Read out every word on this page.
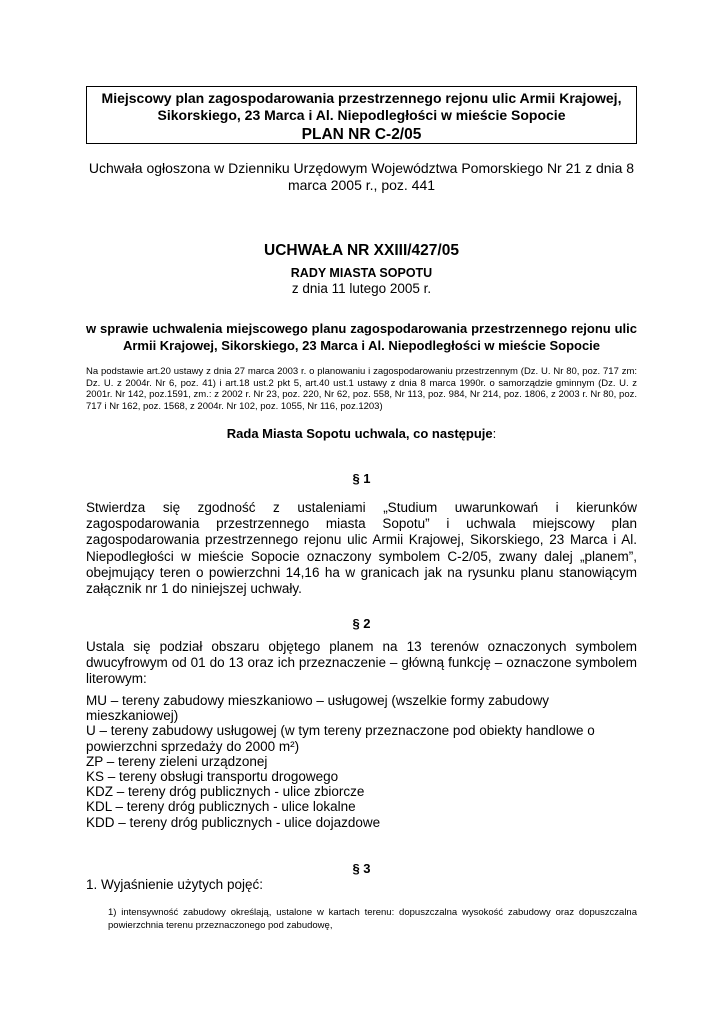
Miejscowy plan zagospodarowania przestrzennego rejonu ulic Armii Krajowej, Sikorskiego, 23 Marca i Al. Niepodległości w mieście Sopocie
PLAN NR C-2/05
Uchwała ogłoszona w Dzienniku Urzędowym Województwa Pomorskiego Nr 21 z dnia 8 marca 2005 r., poz. 441
UCHWAŁA NR XXIII/427/05
RADY MIASTA SOPOTU
z dnia 11 lutego 2005 r.
w sprawie uchwalenia miejscowego planu zagospodarowania przestrzennego rejonu ulic Armii Krajowej, Sikorskiego, 23 Marca i Al. Niepodległości w mieście Sopocie
Na podstawie art.20 ustawy z dnia 27 marca 2003 r. o planowaniu i zagospodarowaniu przestrzennym (Dz. U. Nr 80, poz. 717 zm: Dz. U. z 2004r. Nr 6, poz. 41) i art.18 ust.2 pkt 5, art.40 ust.1 ustawy z dnia 8 marca 1990r. o samorządzie gminnym (Dz. U. z 2001r. Nr 142, poz.1591, zm.: z 2002 r. Nr 23, poz. 220, Nr 62, poz. 558, Nr 113, poz. 984, Nr 214, poz. 1806, z 2003 r. Nr 80, poz. 717 i Nr 162, poz. 1568, z 2004r. Nr 102, poz. 1055, Nr 116, poz.1203)
Rada Miasta Sopotu uchwala, co następuje:
§ 1
Stwierdza się zgodność z ustaleniami „Studium uwarunkowań i kierunków zagospodarowania przestrzennego miasta Sopotu” i uchwala miejscowy plan zagospodarowania przestrzennego rejonu ulic Armii Krajowej, Sikorskiego, 23 Marca i Al. Niepodległości w mieście Sopocie oznaczony symbolem C-2/05, zwany dalej „planem”, obejmujący teren o powierzchni 14,16 ha w granicach jak na rysunku planu stanowiącym załącznik nr 1 do niniejszej uchwały.
§ 2
Ustala się podział obszaru objętego planem na 13 terenów oznaczonych symbolem dwucyfrowym od 01 do 13 oraz ich przeznaczenie – główną funkcję – oznaczone symbolem literowym:
MU – tereny zabudowy mieszkaniowo – usługowej (wszelkie formy zabudowy mieszkaniowej)
U – tereny zabudowy usługowej (w tym tereny przeznaczone pod obiekty handlowe o powierzchni sprzedaży do 2000 m²)
ZP – tereny zieleni urządzonej
KS – tereny obsługi transportu drogowego
KDZ – tereny dróg publicznych - ulice zbiorcze
KDL – tereny dróg publicznych - ulice lokalne
KDD – tereny dróg publicznych - ulice dojazdowe
§ 3
1. Wyjaśnienie użytych pojęć:
1) intensywność zabudowy określają, ustalone w kartach terenu: dopuszczalna wysokość zabudowy oraz dopuszczalna powierzchnia terenu przeznaczonego pod zabudowę,
